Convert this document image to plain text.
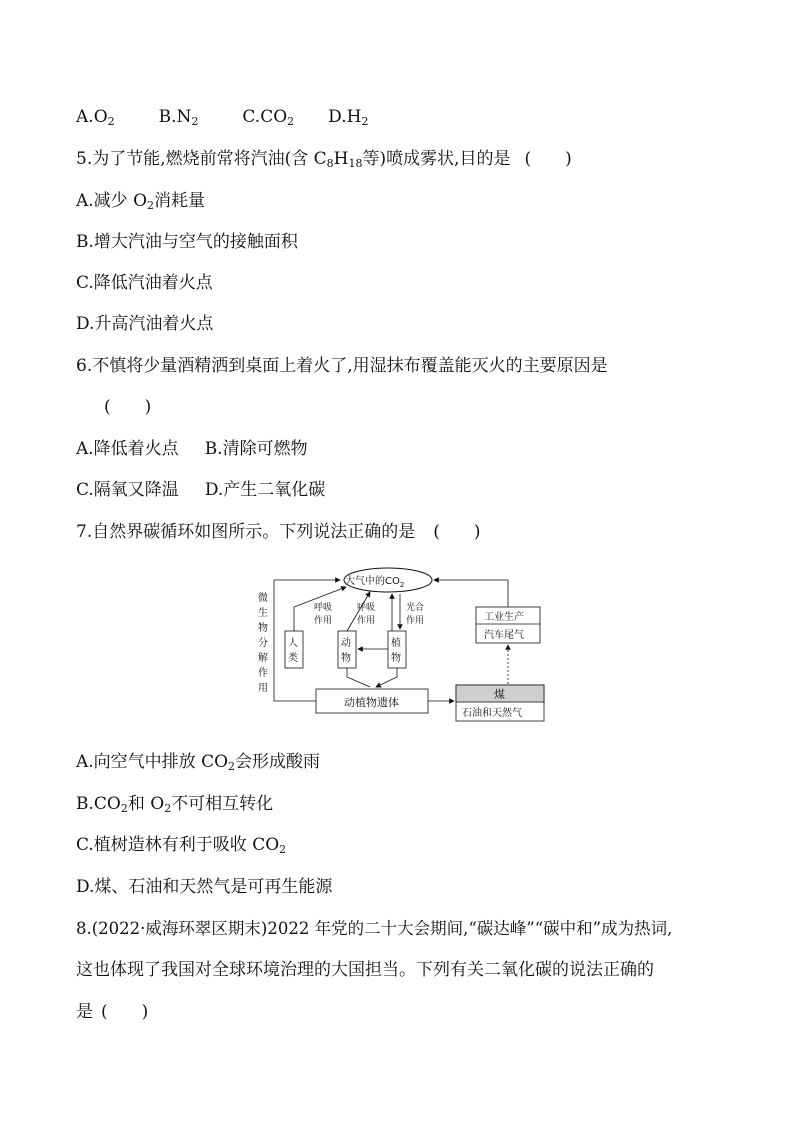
$A.O_2$	$B.N_2$	$C.CO_2$ $D.H_2$
5.为了节能,燃烧前常将汽油(含 $C_8H_{18}$等)喷成雾状,目的是 (　　)
A.减少 $O_2$消耗量
B.增大汽油与空气的接触面积
C.降低汽油着火点
D.升高汽油着火点
6.不慎将少量酒精洒到桌面上着火了,用湿抹布覆盖能灭火的主要原因是
(　　)
A.降低着火点 B.清除可燃物
C.隔氧又降温 D.产生二氧化碳
7.自然界碳循环如图所示。下列说法正确的是 (　　)
大气中的$CO_2$
微
生
物
分
解
作
用
人
类
呼吸
作用
呼吸
作用
光合
作用
动
物
植
物
动植物遗体
煤
石油和天然气
工业生产
汽车尾气
A.向空气中排放 $CO_2$会形成酸雨
$B.CO_2$和 $O_2$不可相互转化
C.植树造林有利于吸收 $CO_2$
D.煤、石油和天然气是可再生能源
8.(2022·威海环翠区期末)2022 年党的二十大会期间,“碳达峰”“碳中和”成为热词,
这也体现了我国对全球环境治理的大国担当。下列有关二氧化碳的说法正确的
是 (　　)
